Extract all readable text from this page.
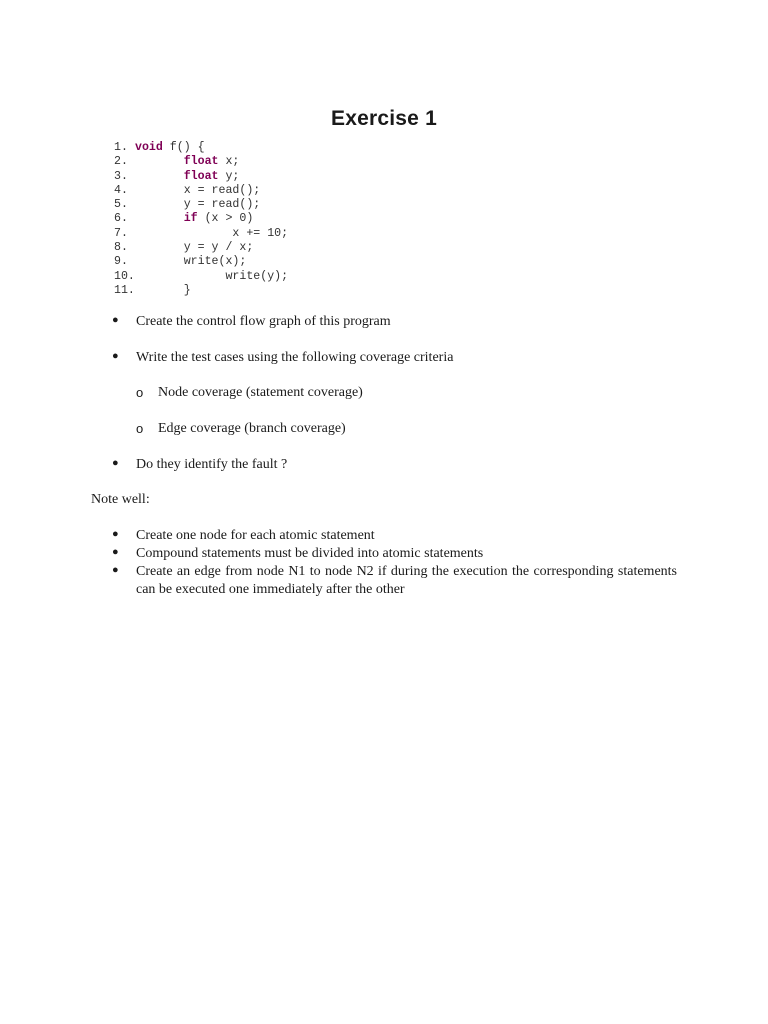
Exercise 1
1. void f() {
2.	float x;
3.	float y;
4.	x = read();
5.	y = read();
6.	if (x > 0)
7.	x += 10;
8.	y = y / x;
9.	write(x);
10.	write(y);
11.	}
● Create the control flow graph of this program
● Write the test cases using the following coverage criteria
o Node coverage (statement coverage)
o Edge coverage (branch coverage)
● Do they identify the fault ?
Note well:
● Create one node for each atomic statement
● Compound statements must be divided into atomic statements
● Create an edge from node N1 to node N2 if during the execution the corresponding statements can be executed one immediately after the other
